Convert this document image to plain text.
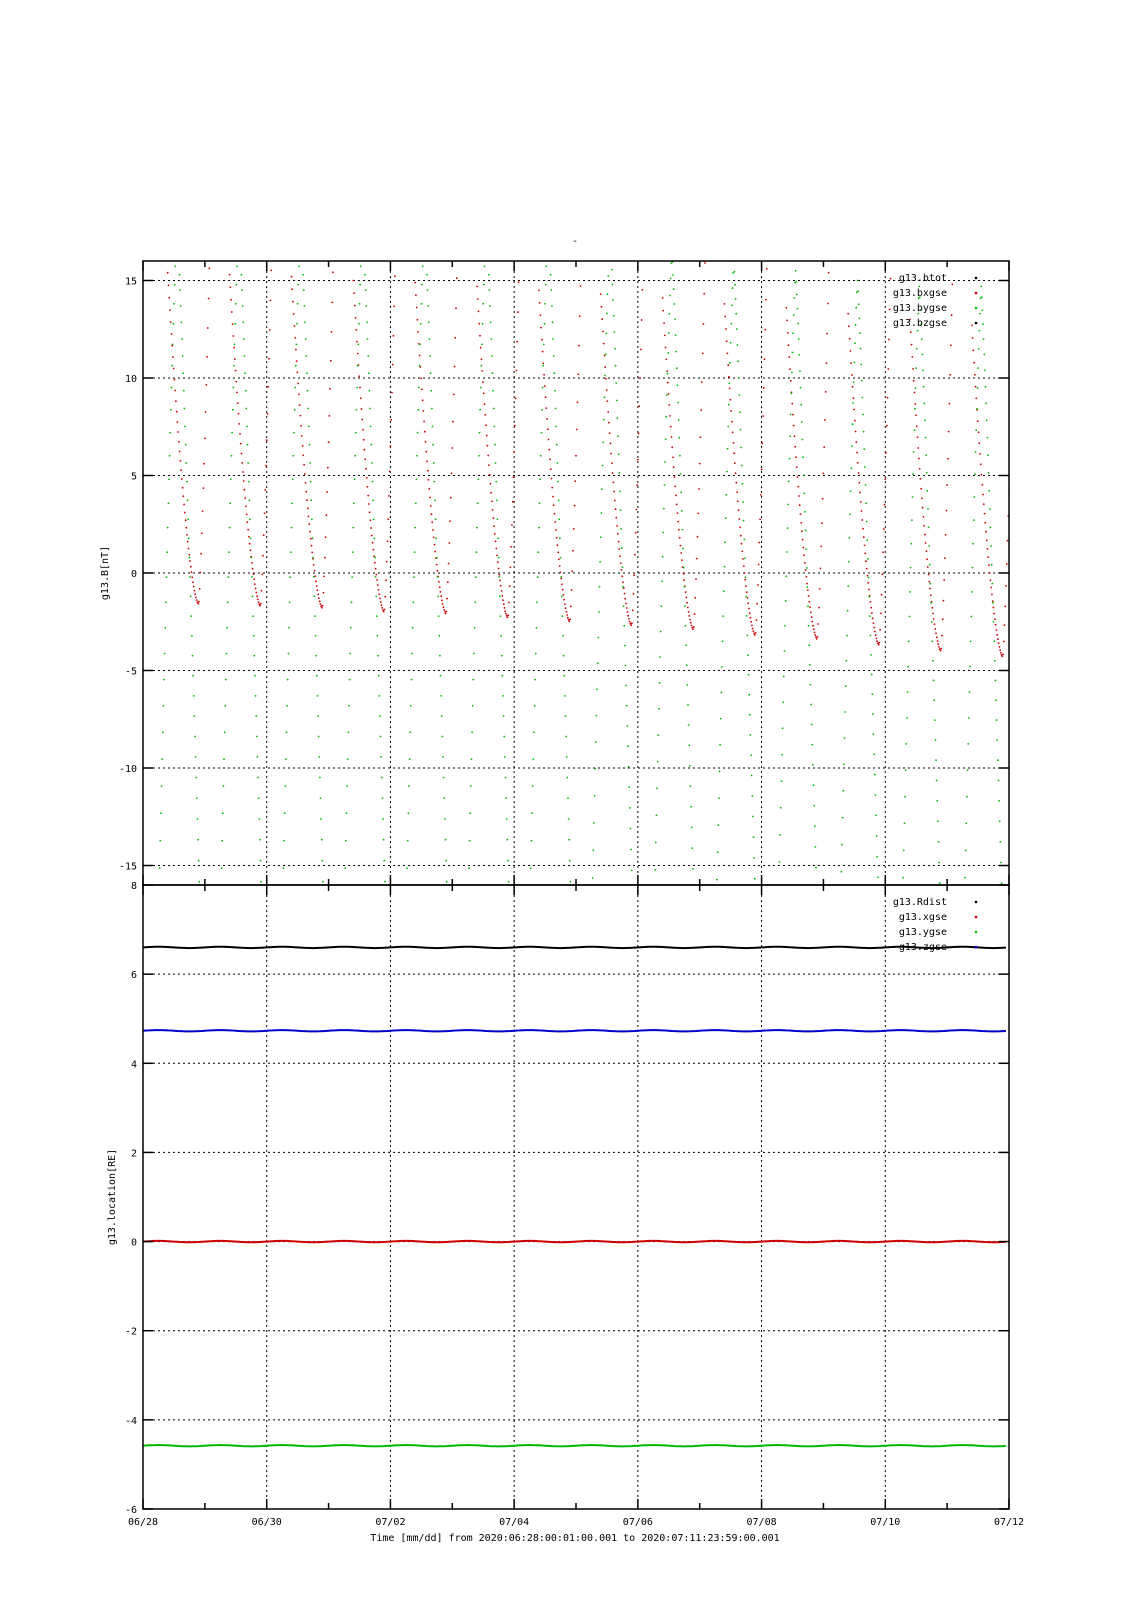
-
-15
-10
-5
0
5
10
15
g13.B[nT]
g13.btot
g13.bxgse
g13.bygse
g13.bzgse
-6
-4
-2
0
2
4
6
8
g13.location[RE]
g13.Rdist
g13.xgse
g13.ygse
g13.zgse
06/28	06/30	07/02	07/04	07/06	07/08	07/10	07/12
Time [mm/dd] from 2020:06:28:00:01:00.001 to 2020:07:11:23:59:00.001
